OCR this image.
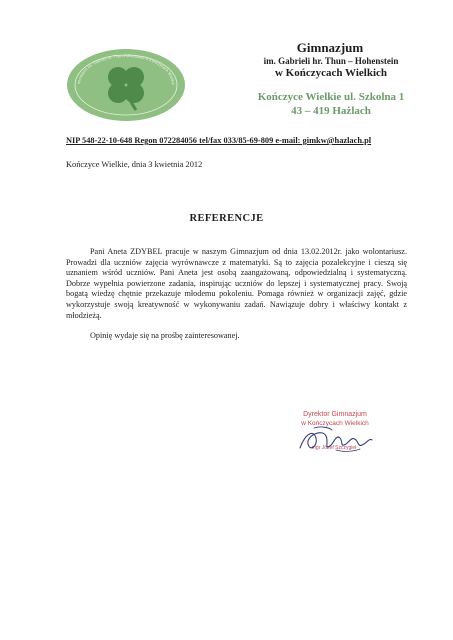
imnazjum im. Gabrieli hr. Thun-Hohenstein w Kończycach Wielkic
Gimnazjum
im. Gabrieli hr. Thun – Hohenstein
w Kończycach Wielkich
Kończyce Wielkie ul. Szkolna 1
43 – 419 Hażlach
NIP 548-22-10-648 Regon 072284056 tel/fax 033/85-69-809 e-mail: gimkw@hazlach.pl
Kończyce Wielkie, dnia 3 kwietnia 2012
REFERENCJE
Pani Aneta ZDYBEL pracuje w naszym Gimnazjum od dnia 13.02.2012r. jako wolontariusz. Prowadzi dla uczniów zajęcia wyrównawcze z matematyki. Są to zajęcia pozalekcyjne i cieszą się uznaniem wśród uczniów. Pani Aneta jest osobą zaangażowaną, odpowiedzialną i systematyczną. Dobrze wypełnia powierzone zadania, inspirując uczniów do lepszej i systematycznej pracy. Swoją bogatą wiedzę chętnie przekazuje młodemu pokoleniu. Pomaga również w organizacji zajęć, gdzie wykorzystuje swoją kreatywność w wykonywaniu zadań. Nawiązuje dobry i właściwy kontakt z młodzieżą.
Opinię wydaje się na prośbę zainteresowanej.
Dyrektor Gimnazjum
w Kończycach Wielkich
mgr Józef Szczygieł
